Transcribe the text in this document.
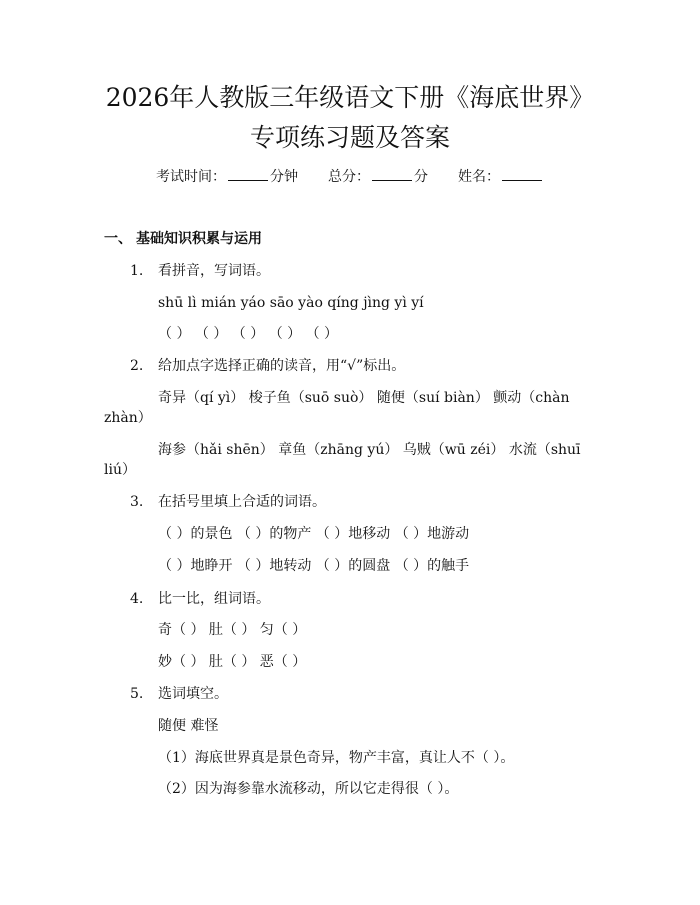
2026年人教版三年级语文下册《海底世界》
专项练习题及答案
考试时间：	分钟 总分：	分 姓名：
一、 基础知识积累与运用
1. 看拼音，写词语。
shū lì mián yáo sāo yào qíng jìng yì yí
（ ） （ ） （ ） （ ） （ ）
2. 给加点字选择正确的读音，用“√”标出。
奇异（qí yì） 梭子鱼（suō suò） 随便（suí biàn） 颤动（chàn
zhàn）
海参（hǎi shēn） 章鱼（zhāng yú） 乌贼（wū zéi） 水流（shuī
liú）
3. 在括号里填上合适的词语。
（ ）的景色 （ ）的物产 （ ）地移动 （ ）地游动
（ ）地睁开 （ ）地转动 （ ）的圆盘 （ ）的触手
4. 比一比，组词语。
奇（ ） 肚（ ） 匀（ ）
妙（ ） 肚（ ） 恶（ ）
5. 选词填空。
随便 难怪
（1）海底世界真是景色奇异，物产丰富，真让人不（ ）。
（2）因为海参靠水流移动，所以它走得很（ ）。
